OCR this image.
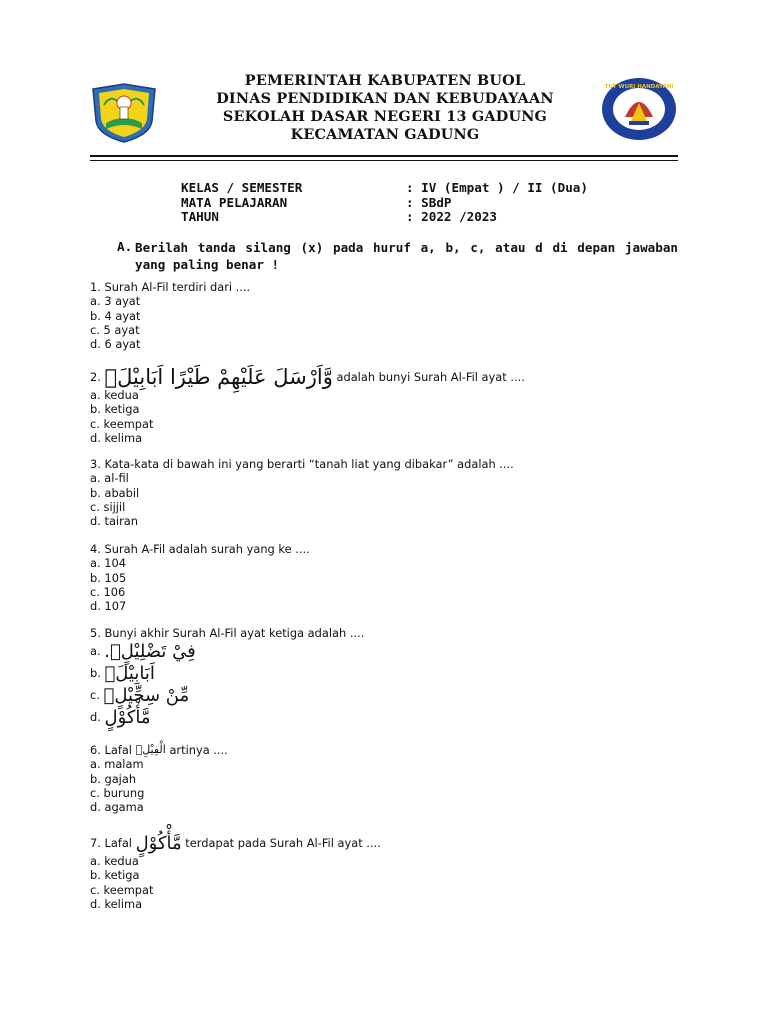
PEMERINTAH KABUPATEN BUOL
DINAS PENDIDIKAN DAN KEBUDAYAAN
SEKOLAH DASAR NEGERI 13 GADUNG
KECAMATAN GADUNG
TUT WURI HANDAYANI
KELAS / SEMESTER	: IV (Empat ) / II (Dua)
MATA PELAJARAN	: SBdP
TAHUN	: 2022 /2023
A. Berilah tanda silang (x) pada huruf a, b, c, atau d di depan jawaban yang paling benar !
1. Surah Al-Fil terdiri dari ....
a. 3 ayat
b. 4 ayat
c. 5 ayat
d. 6 ayat
2. وَّاَرْسَلَ عَلَيْهِمْ طَيْرًا اَبَابِيْلَۙ adalah bunyi Surah Al-Fil ayat ....
a. kedua
b. ketiga
c. keempat
d. kelima
3. Kata-kata di bawah ini yang berarti “tanah liat yang dibakar” adalah ....
a. al-fil
b. ababil
c. sijjil
d. tairan
4. Surah A-Fil adalah surah yang ke ....
a. 104
b. 105
c. 106
d. 107
5. Bunyi akhir Surah Al-Fil ayat ketiga adalah ....
a. فِيْ تَضْلِيْلٍۙ.
b. اَبَابِيْلَۙ
c. مِّنْ سِجِّيْلٍۙ
d. مَّأْكُوْلٍ
6. Lafal الْفِيْلِۗ artinya ....
a. malam
b. gajah
c. burung
d. agama
7. Lafal مَّأْكُوْلٍ terdapat pada Surah Al-Fil ayat ....
a. kedua
b. ketiga
c. keempat
d. kelima
